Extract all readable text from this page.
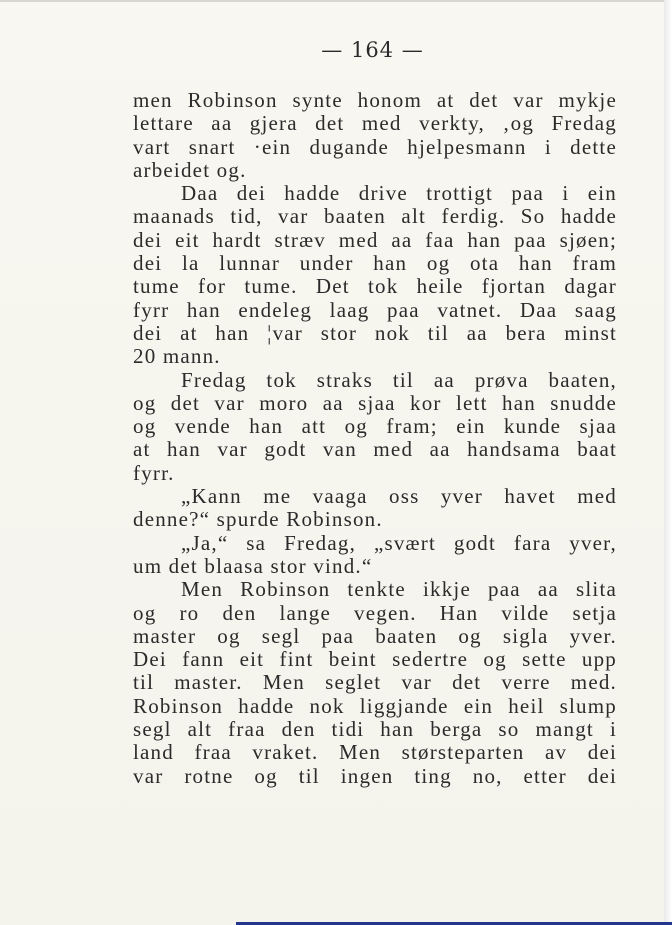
— 164 —
men Robinson synte honom at det var mykje
lettare aa gjera det med verkty, ‚og Fredag
vart snart ·ein dugande hjelpesmann i dette
arbeidet og.
Daa dei hadde drive trottigt paa i ein
maanads tid, var baaten alt ferdig. So hadde
dei eit hardt stræv med aa faa han paa sjøen;
dei la lunnar under han og ota han fram
tume for tume. Det tok heile fjortan dagar
fyrr han endeleg laag paa vatnet. Daa saag
dei at han ¦var stor nok til aa bera minst
20 mann.
Fredag tok straks til aa prøva baaten,
og det var moro aa sjaa kor lett han snudde
og vende han att og fram; ein kunde sjaa
at han var godt van med aa handsama baat
fyrr.
„Kann me vaaga oss yver havet med
denne?“ spurde Robinson.
„Ja,“ sa Fredag, „svært godt fara yver,
um det blaasa stor vind.“
Men Robinson tenkte ikkje paa aa slita
og ro den lange vegen. Han vilde setja
master og segl paa baaten og sigla yver.
Dei fann eit fint beint sedertre og sette upp
til master. Men seglet var det verre med.
Robinson hadde nok liggjande ein heil slump
segl alt fraa den tidi han berga so mangt i
land fraa vraket. Men størsteparten av dei
var rotne og til ingen ting no, etter dei
